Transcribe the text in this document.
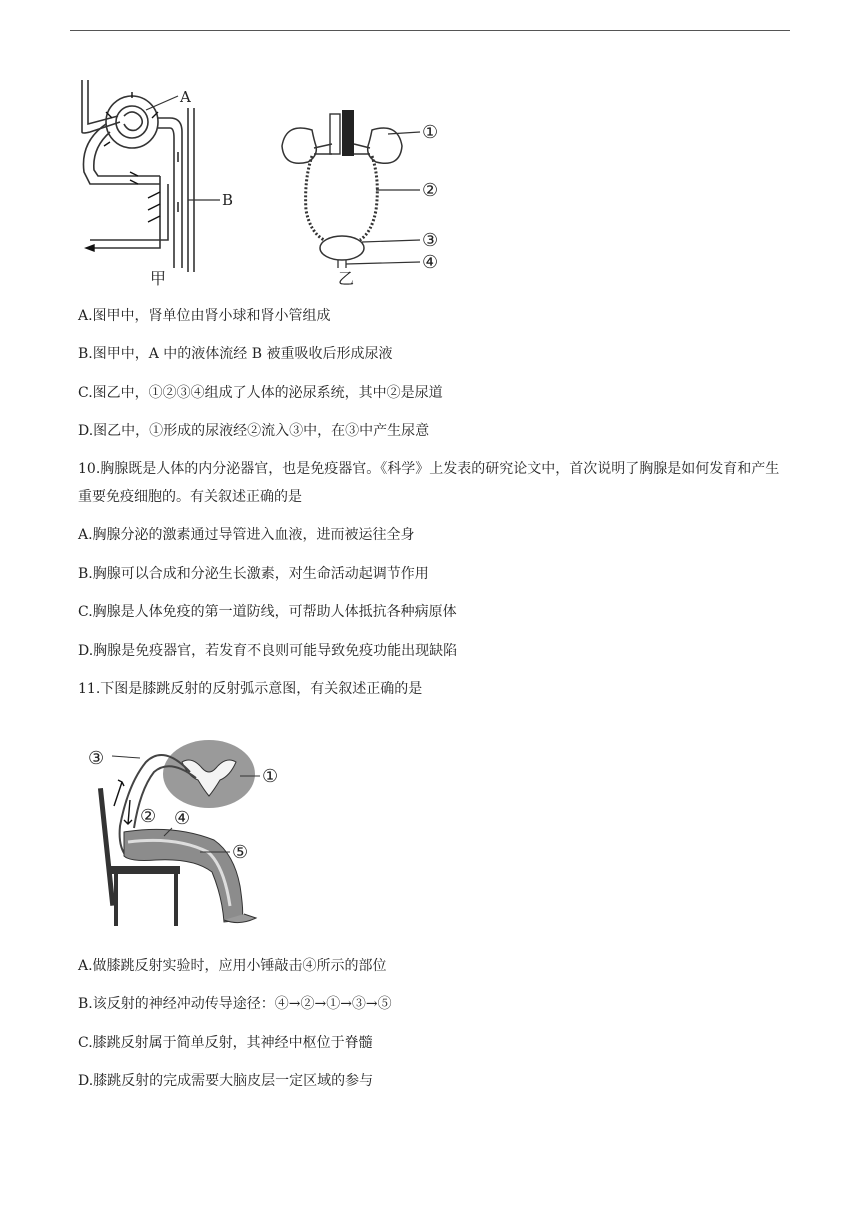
A
B
甲
①
②
③
④
乙
A.图甲中，肾单位由肾小球和肾小管组成
B.图甲中，A 中的液体流经 B 被重吸收后形成尿液
C.图乙中，①②③④组成了人体的泌尿系统，其中②是尿道
D.图乙中，①形成的尿液经②流入③中，在③中产生尿意
10.胸腺既是人体的内分泌器官，也是免疫器官。《科学》上发表的研究论文中，首次说明了胸腺是如何发育和产生重要免疫细胞的。有关叙述正确的是
A.胸腺分泌的激素通过导管进入血液，进而被运往全身
B.胸腺可以合成和分泌生长激素，对生命活动起调节作用
C.胸腺是人体免疫的第一道防线，可帮助人体抵抗各种病原体
D.胸腺是免疫器官，若发育不良则可能导致免疫功能出现缺陷
11.下图是膝跳反射的反射弧示意图，有关叙述正确的是
③
①
② ④
⑤
A.做膝跳反射实验时，应用小锤敲击④所示的部位
B.该反射的神经冲动传导途径：④→②→①→③→⑤
C.膝跳反射属于简单反射，其神经中枢位于脊髓
D.膝跳反射的完成需要大脑皮层一定区域的参与
